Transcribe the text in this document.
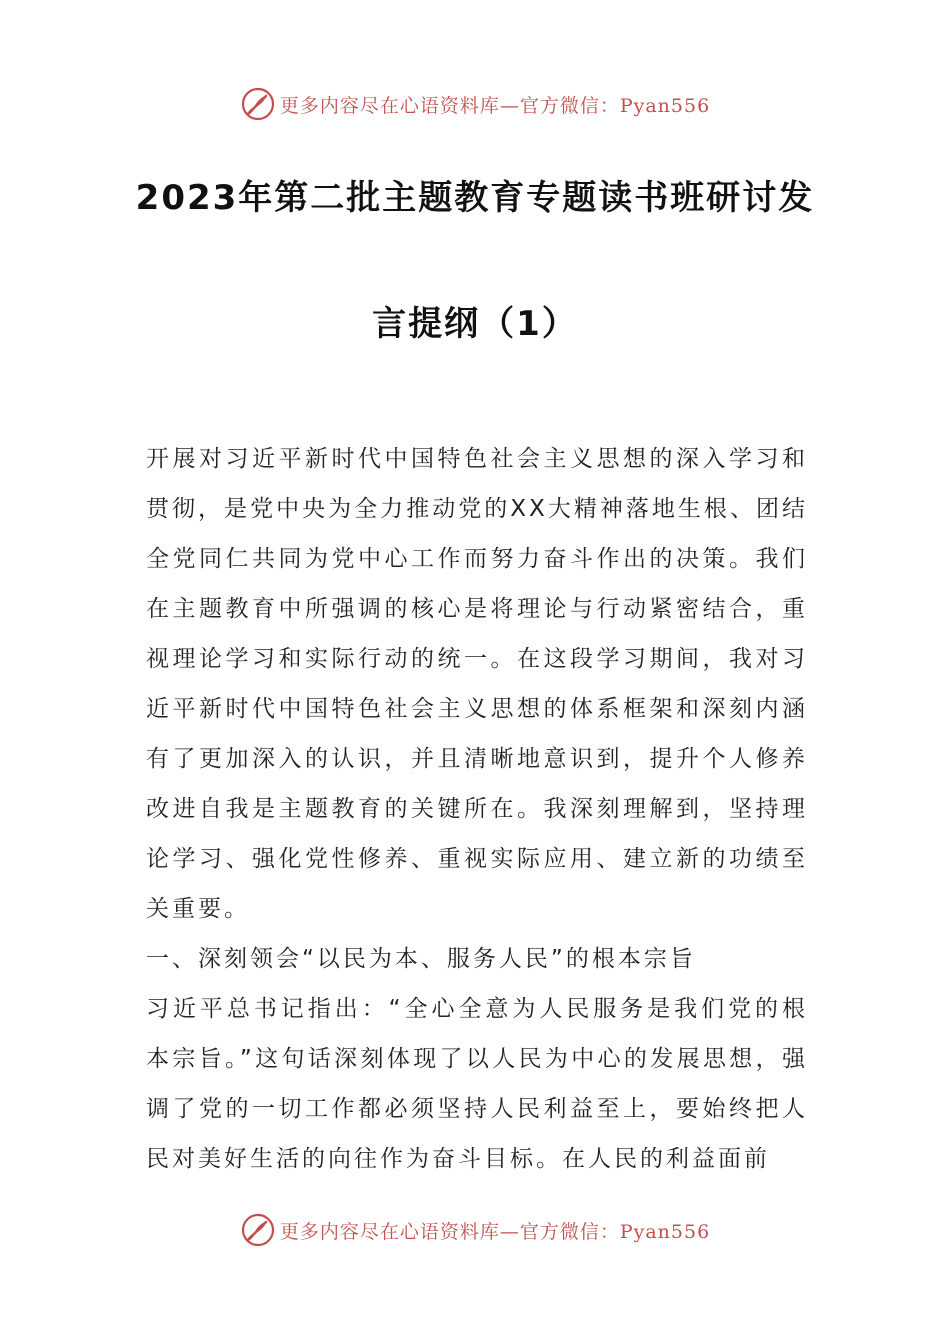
更多内容尽在心语资料库—官方微信：Pyan556
2023年第二批主题教育专题读书班研讨发
言提纲（1）

开展对习近平新时代中国特色社会主义思想的深入学习和贯彻，是党中央为全力推动党的XX大精神落地生根、团结全党同仁共同为党中心工作而努力奋斗作出的决策。我们在主题教育中所强调的核心是将理论与行动紧密结合，重视理论学习和实际行动的统一。在这段学习期间，我对习近平新时代中国特色社会主义思想的体系框架和深刻内涵有了更加深入的认识，并且清晰地意识到，提升个人修养改进自我是主题教育的关键所在。我深刻理解到，坚持理论学习、强化党性修养、重视实际应用、建立新的功绩至关重要。

一、深刻领会“以民为本、服务人民”的根本宗旨

习近平总书记指出：“全心全意为人民服务是我们党的根本宗旨。”这句话深刻体现了以人民为中心的发展思想，强调了党的一切工作都必须坚持人民利益至上，要始终把人民对美好生活的向往作为奋斗目标。在人民的利益面前

更多内容尽在心语资料库—官方微信：Pyan556
